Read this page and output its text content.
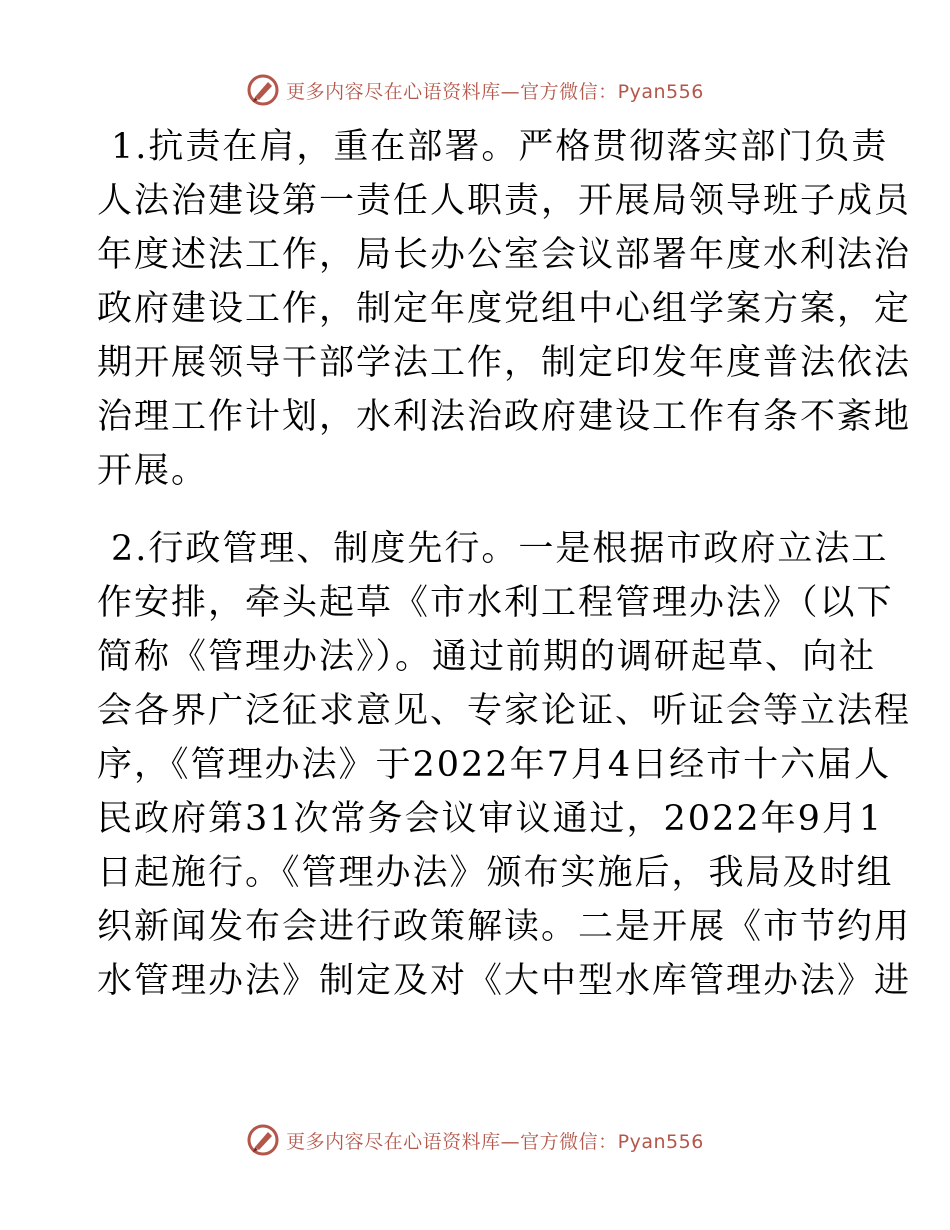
更多内容尽在心语资料库—官方微信：Pyan556

1.抗责在肩，重在部署。严格贯彻落实部门负责
人法治建设第一责任人职责，开展局领导班子成员
年度述法工作，局长办公室会议部署年度水利法治
政府建设工作，制定年度党组中心组学案方案，定
期开展领导干部学法工作，制定印发年度普法依法
治理工作计划，水利法治政府建设工作有条不紊地
开展。

2.行政管理、制度先行。一是根据市政府立法工
作安排，牵头起草《市水利工程管理办法》（以下
简称《管理办法》）。通过前期的调研起草、向社
会各界广泛征求意见、专家论证、听证会等立法程
序，《管理办法》于2022年7月4日经市十六届人
民政府第31次常务会议审议通过，2022年9月1
日起施行。《管理办法》颁布实施后，我局及时组
织新闻发布会进行政策解读。二是开展《市节约用
水管理办法》制定及对《大中型水库管理办法》进

更多内容尽在心语资料库—官方微信：Pyan556
